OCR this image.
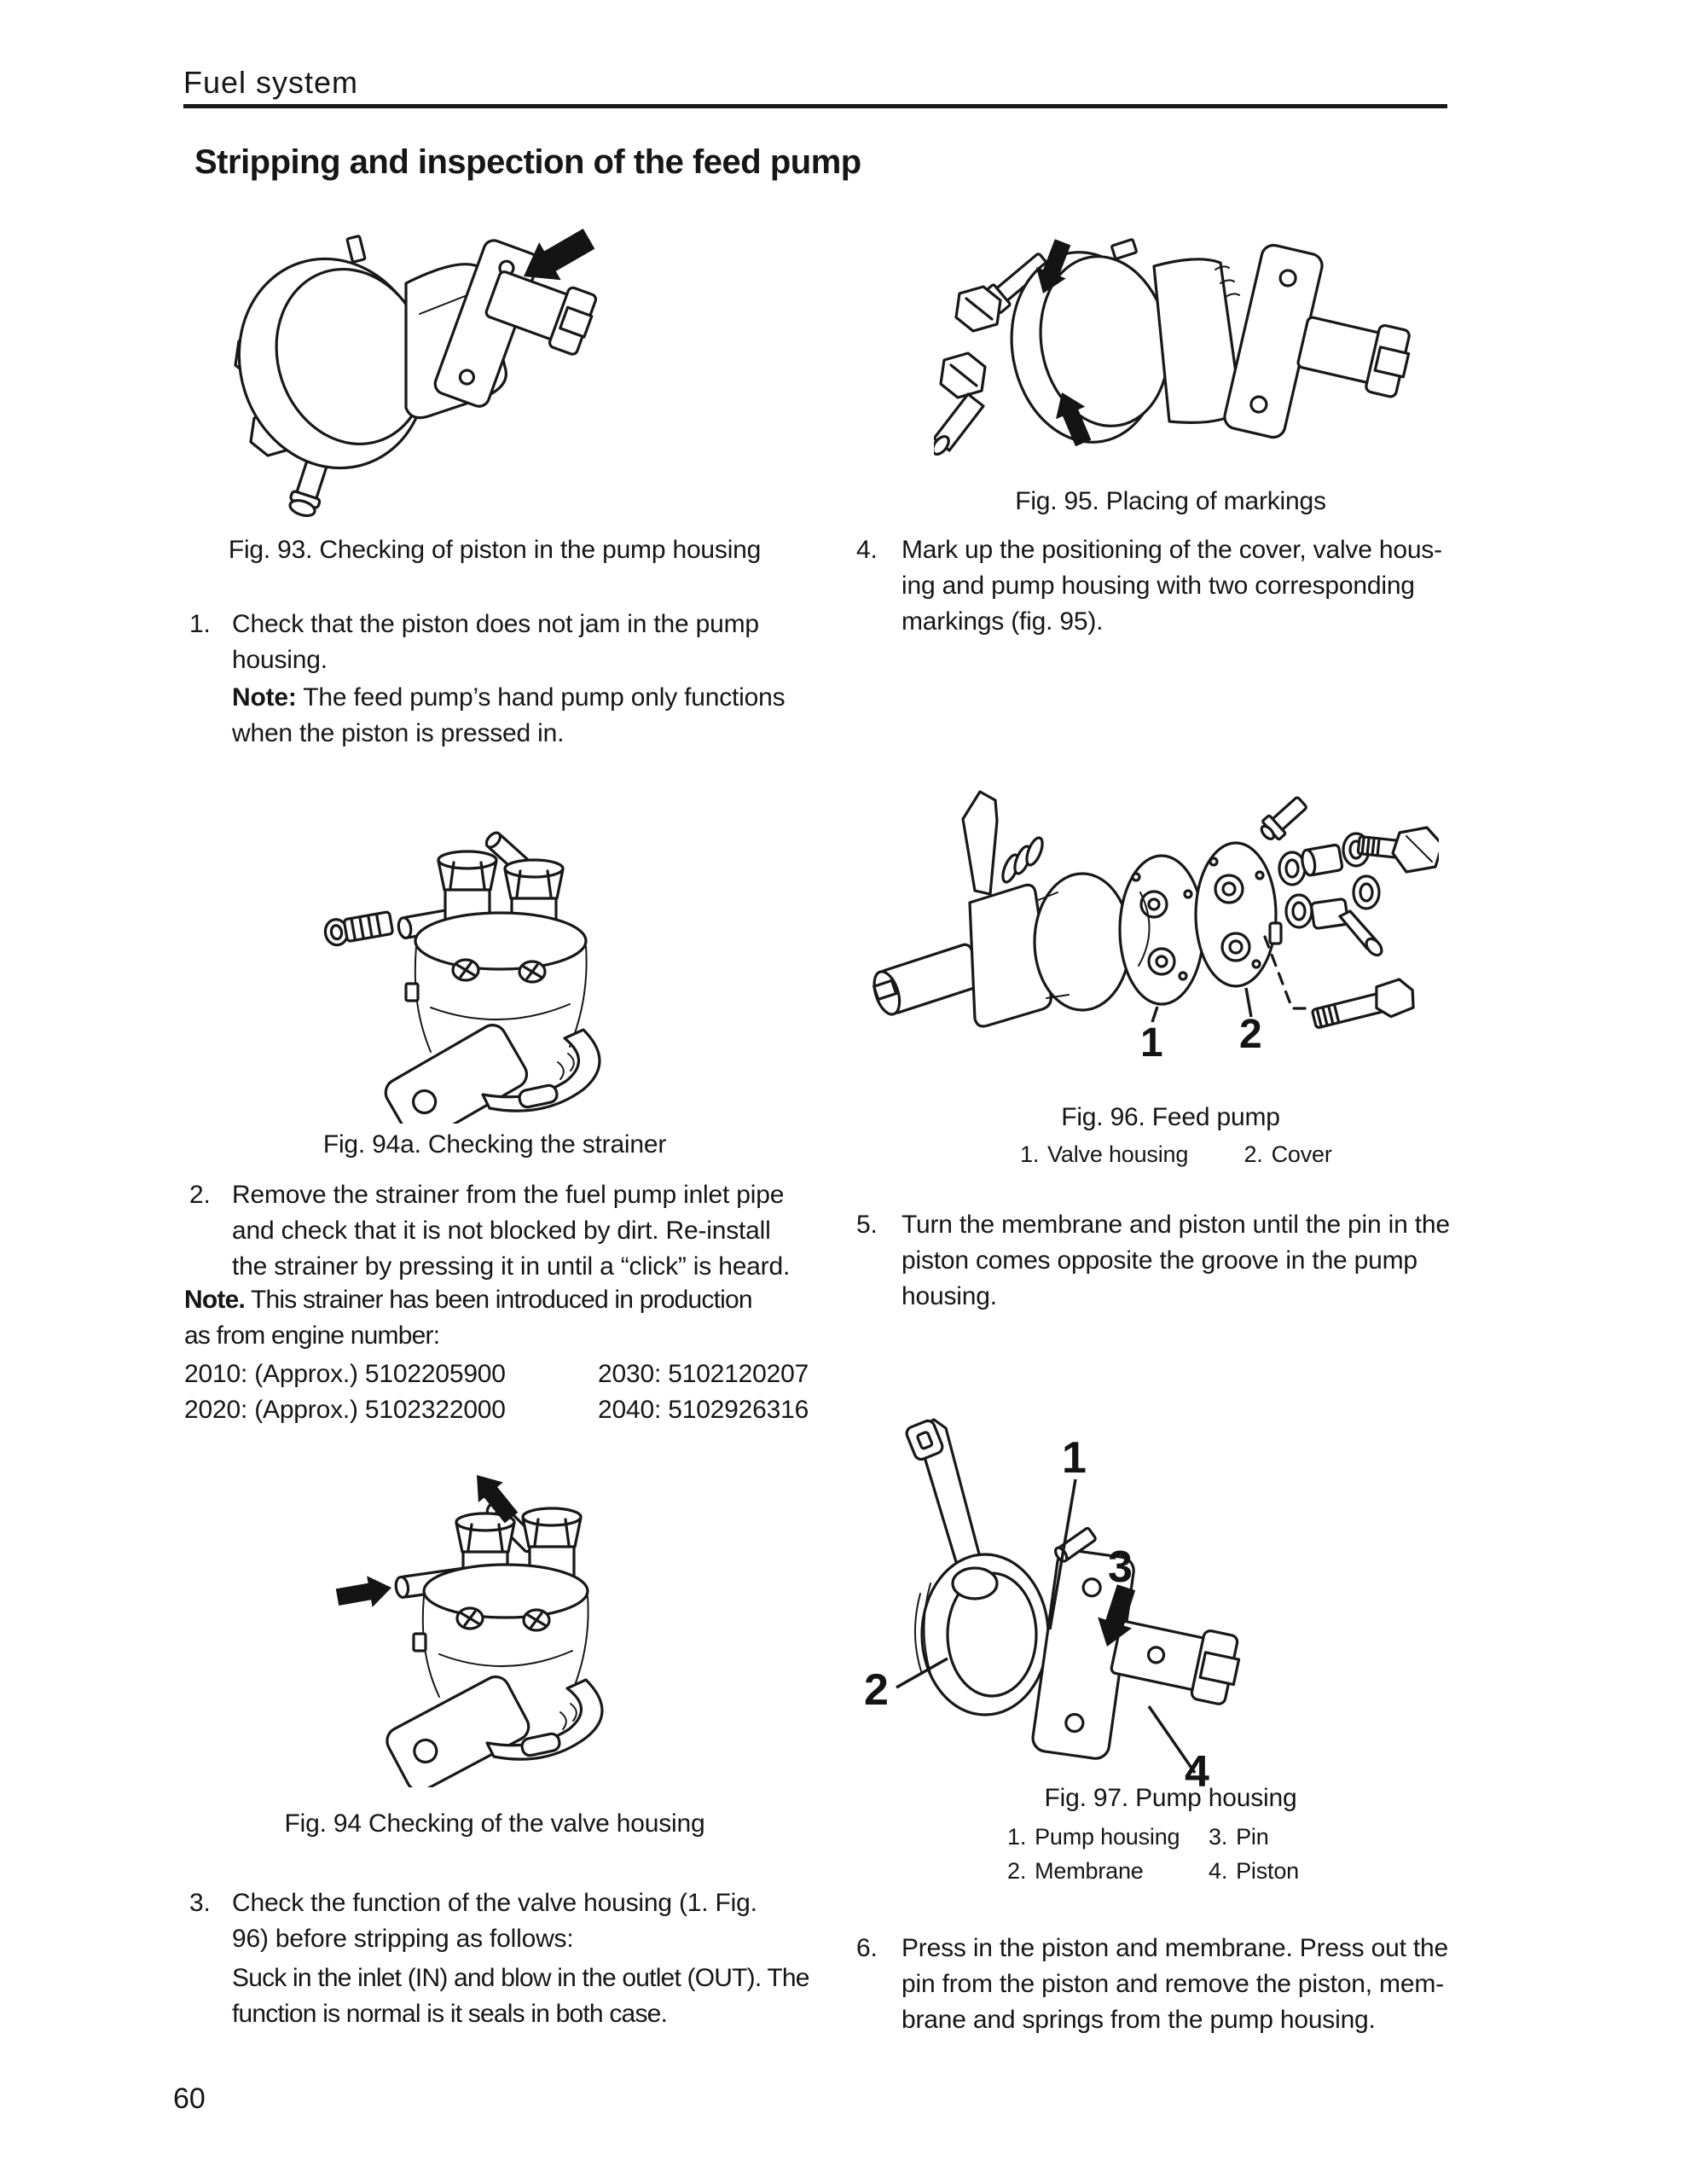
Fuel system
Stripping and inspection of the feed pump
Fig. 93. Checking of piston in the pump housing
1. Check that the piston does not jam in the pump housing.
Note: The feed pump’s hand pump only functions when the piston is pressed in.
Fig. 95. Placing of markings
4. Mark up the positioning of the cover, valve housing and pump housing with two corresponding markings (fig. 95).
Fig. 94a. Checking the strainer
2. Remove the strainer from the fuel pump inlet pipe and check that it is not blocked by dirt. Re-install the strainer by pressing it in until a “click” is heard.
Note. This strainer has been introduced in production as from engine number:
2010: (Approx.) 5102205900	2030: 5102120207
2020: (Approx.) 5102322000	2040: 5102926316
1 2
Fig. 96. Feed pump
1. Valve housing 2. Cover
5. Turn the membrane and piston until the pin in the piston comes opposite the groove in the pump housing.
Fig. 94 Checking of the valve housing
3. Check the function of the valve housing (1. Fig. 96) before stripping as follows:
Suck in the inlet (IN) and blow in the outlet (OUT). The function is normal is it seals in both case.
1
2
3
4
Fig. 97. Pump housing
1. Pump housing	3. Pin
2. Membrane	4. Piston
6. Press in the piston and membrane. Press out the pin from the piston and remove the piston, membrane and springs from the pump housing.
60
